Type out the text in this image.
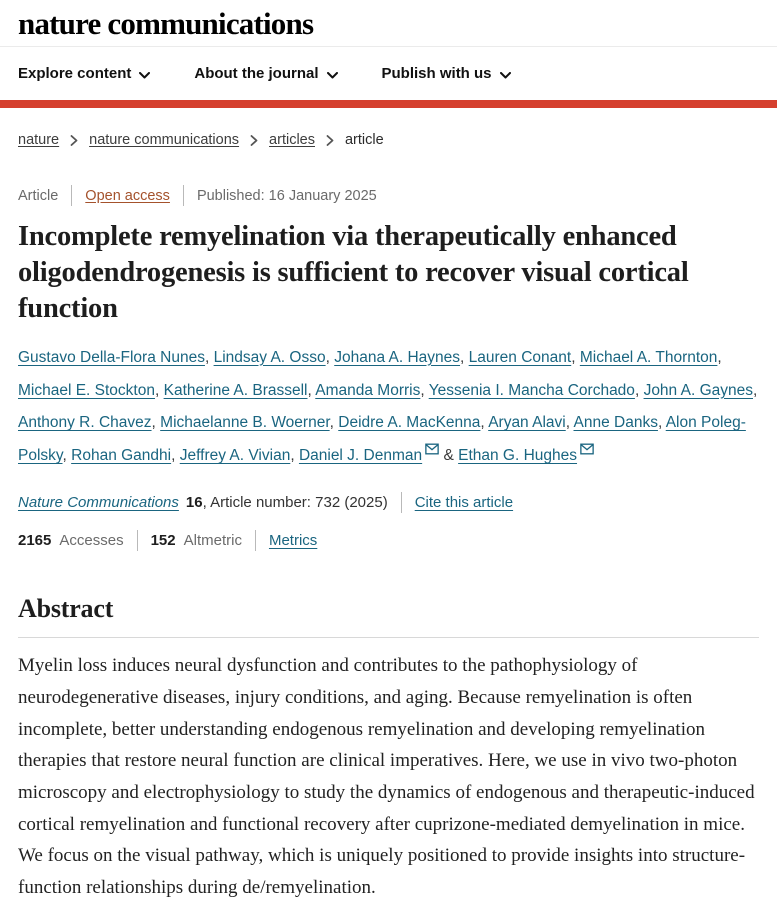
nature communications
Explore content	About the journal	Publish with us
nature nature communications articles article
Article Open access Published: 16 January 2025
Incomplete remyelination via therapeutically enhanced oligodendrogenesis is sufficient to recover visual cortical function

Gustavo Della-Flora Nunes, Lindsay A. Osso, Johana A. Haynes, Lauren Conant, Michael A. Thornton, Michael E. Stockton, Katherine A. Brassell, Amanda Morris, Yessenia I. Mancha Corchado, John A. Gaynes, Anthony R. Chavez, Michaelanne B. Woerner, Deidre A. MacKenna, Aryan Alavi, Anne Danks, Alon Poleg-Polsky, Rohan Gandhi, Jeffrey A. Vivian, Daniel J. Denman & Ethan G. Hughes

Nature Communications 16 , Article number: 732 (2025) Cite this article
2165 Accesses 152 Altmetric Metrics
Abstract

Myelin loss induces neural dysfunction and contributes to the pathophysiology of neurodegenerative diseases, injury conditions, and aging. Because remyelination is often incomplete, better understanding endogenous remyelination and developing remyelination therapies that restore neural function are clinical imperatives. Here, we use in vivo two-photon microscopy and electrophysiology to study the dynamics of endogenous and therapeutic-induced cortical remyelination and functional recovery after cuprizone-mediated demyelination in mice. We focus on the visual pathway, which is uniquely positioned to provide insights into structure-function relationships during de/remyelination.
